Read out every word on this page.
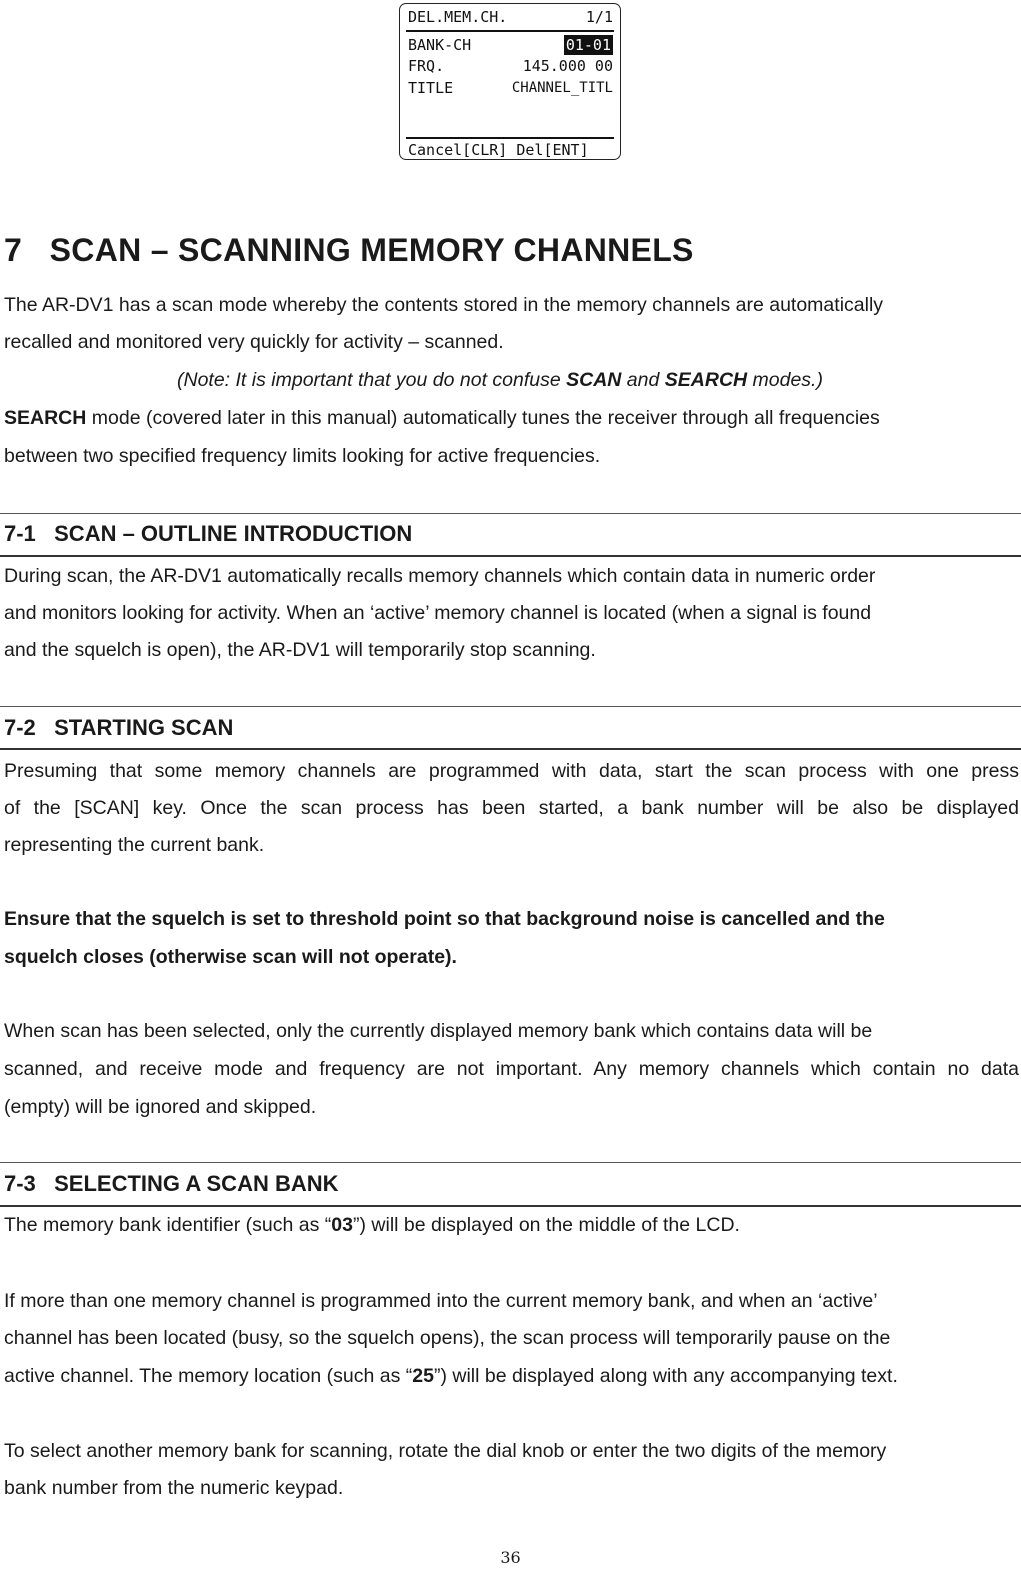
DEL.MEM.CH.	1/1
BANK-CH	01-01
FRQ.	145.000 00
TITLE	CHANNEL_TITL
Cancel[CLR] Del[ENT]
7   SCAN – SCANNING MEMORY CHANNELS

The AR-DV1 has a scan mode whereby the contents stored in the memory channels are automatically

recalled and monitored very quickly for activity – scanned.

(Note: It is important that you do not confuse SCAN and SEARCH modes.)

SEARCH mode (covered later in this manual) automatically tunes the receiver through all frequencies

between two specified frequency limits looking for active frequencies.

7-1   SCAN – OUTLINE INTRODUCTION

During scan, the AR-DV1 automatically recalls memory channels which contain data in numeric order

and monitors looking for activity. When an ‘active’ memory channel is located (when a signal is found

and the squelch is open), the AR-DV1 will temporarily stop scanning.

7-2   STARTING SCAN

Presuming that some memory channels are programmed with data, start the scan process with one press

of the [SCAN] key. Once the scan process has been started, a bank number will be also be displayed

representing the current bank.

Ensure that the squelch is set to threshold point so that background noise is cancelled and the

squelch closes (otherwise scan will not operate).

When scan has been selected, only the currently displayed memory bank which contains data will be

scanned, and receive mode and frequency are not important. Any memory channels which contain no data

(empty) will be ignored and skipped.

7-3   SELECTING A SCAN BANK

The memory bank identifier (such as “03”) will be displayed on the middle of the LCD.

If more than one memory channel is programmed into the current memory bank, and when an ‘active’

channel has been located (busy, so the squelch opens), the scan process will temporarily pause on the

active channel. The memory location (such as “25”) will be displayed along with any accompanying text.

To select another memory bank for scanning, rotate the dial knob or enter the two digits of the memory

bank number from the numeric keypad.

36
